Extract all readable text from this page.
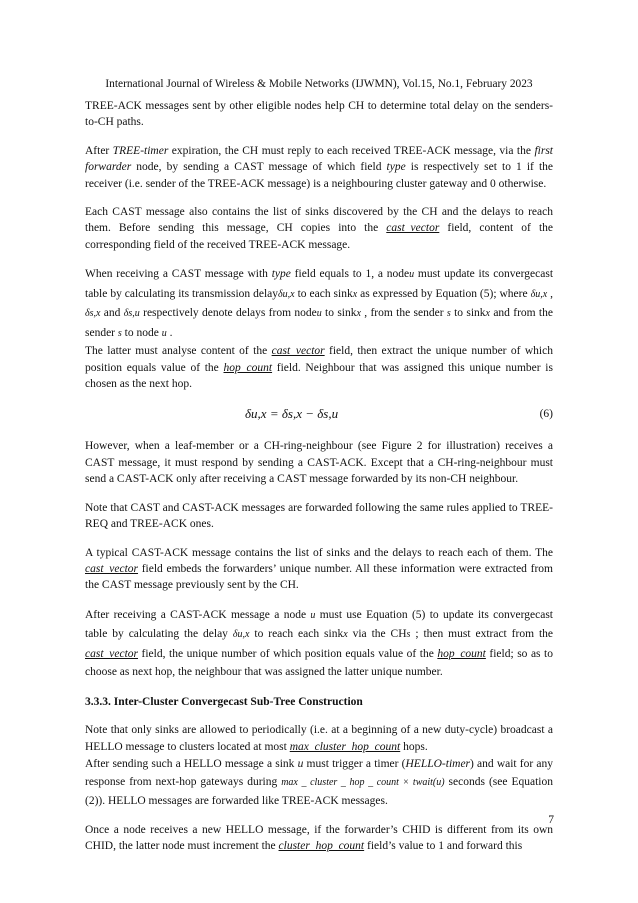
International Journal of Wireless & Mobile Networks (IJWMN), Vol.15, No.1, February 2023

TREE-ACK messages sent by other eligible nodes help CH to determine total delay on the senders-to-CH paths.

After TREE-timer expiration, the CH must reply to each received TREE-ACK message, via the first forwarder node, by sending a CAST message of which field type is respectively set to 1 if the receiver (i.e. sender of the TREE-ACK message) is a neighbouring cluster gateway and 0 otherwise.

Each CAST message also contains the list of sinks discovered by the CH and the delays to reach them. Before sending this message, CH copies into the cast_vector field, content of the corresponding field of the received TREE-ACK message.

When receiving a CAST message with type field equals to 1, a nodeu must update its convergecast table by calculating its transmission delayδu,x to each sinkx as expressed by Equation (5); where δu,x , δs,x and δs,u respectively denote delays from nodeu to sinkx , from the sender s to sinkx and from the sender s to node u .

The latter must analyse content of the cast_vector field, then extract the unique number of which position equals value of the hop_count field. Neighbour that was assigned this unique number is chosen as the next hop.

δu,x = δs,x − δs,u	(6)

However, when a leaf-member or a CH-ring-neighbour (see Figure 2 for illustration) receives a CAST message, it must respond by sending a CAST-ACK. Except that a CH-ring-neighbour must send a CAST-ACK only after receiving a CAST message forwarded by its non-CH neighbour.

Note that CAST and CAST-ACK messages are forwarded following the same rules applied to TREE-REQ and TREE-ACK ones.

A typical CAST-ACK message contains the list of sinks and the delays to reach each of them. The cast_vector field embeds the forwarders’ unique number. All these information were extracted from the CAST message previously sent by the CH.

After receiving a CAST-ACK message a node u must use Equation (5) to update its convergecast table by calculating the delay δu,x to reach each sinkx via the CHs ; then must extract from the cast_vector field, the unique number of which position equals value of the hop_count field; so as to choose as next hop, the neighbour that was assigned the latter unique number.

3.3.3. Inter-Cluster Convergecast Sub-Tree Construction

Note that only sinks are allowed to periodically (i.e. at a beginning of a new duty-cycle) broadcast a HELLO message to clusters located at most max_cluster_hop_count hops.

After sending such a HELLO message a sink u must trigger a timer (HELLO-timer) and wait for any response from next-hop gateways during max _ cluster _ hop _ count × twait(u) seconds (see Equation (2)). HELLO messages are forwarded like TREE-ACK messages.

Once a node receives a new HELLO message, if the forwarder’s CHID is different from its own CHID, the latter node must increment the cluster_hop_count field’s value to 1 and forward this

7
